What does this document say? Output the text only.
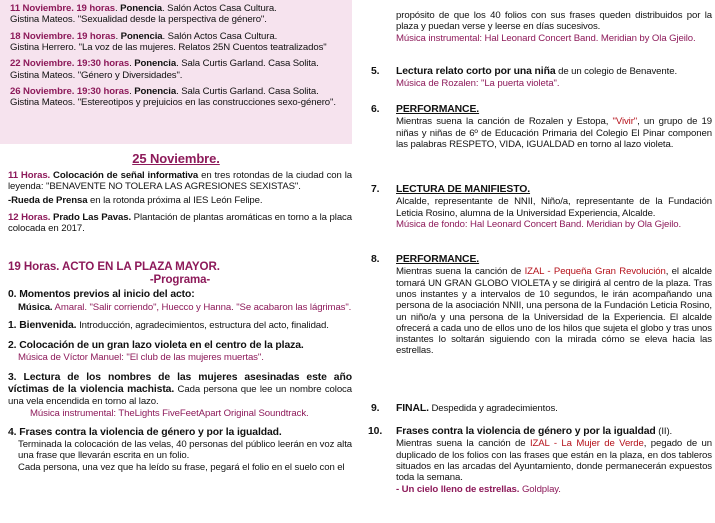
11 Noviembre. 19 horas. Ponencia. Salón Actos Casa Cultura.
Gistina Mateos. "Sexualidad desde la perspectiva de género".
18 Noviembre. 19 horas. Ponencia. Salón Actos Casa Cultura.
Gistina Herrero. "La voz de las mujeres. Relatos 25N Cuentos teatralizados"
22 Noviembre. 19:30 horas. Ponencia. Sala Curtis Garland. Casa Solita.
Gistina Mateos. "Género y Diversidades".
26 Noviembre. 19:30 horas. Ponencia. Sala Curtis Garland. Casa Solita.
Gistina Mateos. "Estereotipos y prejuicios en las construcciones sexo-género".
25 Noviembre.
11 Horas. Colocación de señal informativa en tres rotondas de la ciudad con la leyenda: "BENAVENTE NO TOLERA LAS AGRESIONES SEXISTAS".
-Rueda de Prensa en la rotonda próxima al IES León Felipe.
12 Horas. Prado Las Pavas. Plantación de plantas aromáticas en torno a la placa colocada en 2017.
19 Horas. ACTO EN LA PLAZA MAYOR.
-Programa-
0. Momentos previos al inicio del acto:
Música. Amaral. "Salir corriendo", Huecco y Hanna. "Se acabaron las lágrimas".
1. Bienvenida. Introducción, agradecimientos, estructura del acto, finalidad.
2. Colocación de un gran lazo violeta en el centro de la plaza.
Música de Víctor Manuel: "El club de las mujeres muertas".
3. Lectura de los nombres de las mujeres asesinadas este año víctimas de la violencia machista. Cada persona que lee un nombre coloca una vela encendida en torno al lazo.
Música instrumental: TheLights FiveFeetApart Original Soundtrack.
4. Frases contra la violencia de género y por la igualdad.
Terminada la colocación de las velas, 40 personas del público leerán en voz alta una frase que llevarán escrita en un folio.
Cada persona, una vez que ha leído su frase, pegará el folio en el suelo con el
propósito de que los 40 folios con sus frases queden distribuidos por la plaza y puedan verse y leerse en días sucesivos.
Música instrumental: Hal Leonard Concert Band. Meridian by Ola Gjeilo.
5. Lectura relato corto por una niña de un colegio de Benavente.
Música de Rozalen: "La puerta violeta".
6. PERFORMANCE.
Mientras suena la canción de Rozalen y Estopa, "Vivir", un grupo de 19 niñas y niñas de 6º de Educación Primaria del Colegio El Pinar componen las palabras RESPETO, VIDA, IGUALDAD en torno al lazo violeta.
7. LECTURA DE MANIFIESTO.
Alcalde, representante de NNII, Niño/a, representante de la Fundación Leticia Rosino, alumna de la Universidad Experiencia, Alcalde.
Música de fondo: Hal Leonard Concert Band. Meridian by Ola Gjeilo.
8. PERFORMANCE.
Mientras suena la canción de IZAL - Pequeña Gran Revolución, el alcalde tomará UN GRAN GLOBO VIOLETA y se dirigirá al centro de la plaza. Tras unos instantes y a intervalos de 10 segundos, le irán acompañando una persona de la asociación NNII, una persona de la Fundación Leticia Rosino, un niño/a y una persona de la Universidad de la Experiencia. El alcalde ofrecerá a cada uno de ellos uno de los hilos que sujeta el globo y tras unos instantes lo soltarán siguiendo con la mirada cómo se eleva hacia las estrellas.
9.	FINAL. Despedida y agradecimientos.
10. Frases contra la violencia de género y por la igualdad (II).
Mientras suena la canción de IZAL - La Mujer de Verde, pegado de un duplicado de los folios con las frases que están en la plaza, en dos tableros situados en las arcadas del Ayuntamiento, donde permanecerán expuestos toda la semana.
- Un cielo lleno de estrellas. Goldplay.
